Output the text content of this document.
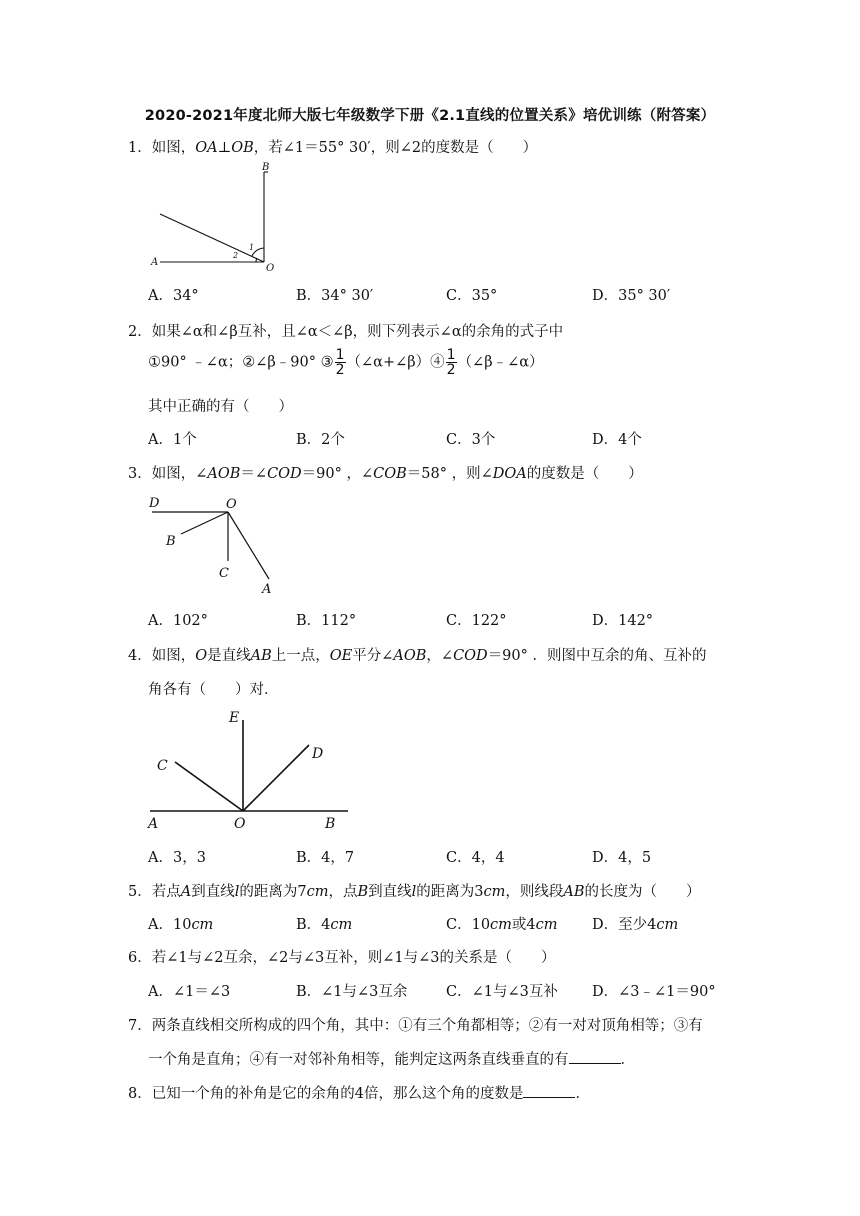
2020-2021年度北师大版七年级数学下册《2.1直线的位置关系》培优训练（附答案）
1．如图，OA⊥OB，若∠1＝55° 30′，则∠2的度数是（　　）
B
A
O
1
2
A．34°	B．34° 30′	C．35°	D．35° 30′
2．如果∠α和∠β互补，且∠α＜∠β，则下列表示∠α的余角的式子中
①90° ﹣∠α；②∠β﹣90° ③ $\frac{1}{2}$ （∠α+∠β）④ $\frac{1}{2}$ （∠β﹣∠α）
其中正确的有（　　）
A．1个	B．2个	C．3个	D．4个
3．如图，∠AOB＝∠COD＝90° ，∠COB＝58° ，则∠DOA的度数是（　　）
D	O
B
C
A
A．102°	B．112°	C．122°	D．142°
4．如图，O是直线AB上一点，OE平分∠AOB，∠COD＝90° ．则图中互余的角、互补的
角各有（　　）对．
E
C
D
A	O	B
A．3，3	B．4，7	C．4，4	D．4，5
5．若点A到直线l的距离为7cm，点B到直线l的距离为3cm，则线段AB的长度为（　　）
A．10cm	B．4cm	C．10cm或4cm D．至少4cm
6．若∠1与∠2互余，∠2与∠3互补，则∠1与∠3的关系是（　　）
A．∠1＝∠3	B．∠1与∠3互余	C．∠1与∠3互补 D．∠3﹣∠1＝90°
7．两条直线相交所构成的四个角，其中：①有三个角都相等；②有一对对顶角相等；③有
一个角是直角；④有一对邻补角相等，能判定这两条直线垂直的有	．
8．已知一个角的补角是它的余角的4倍，那么这个角的度数是	．
